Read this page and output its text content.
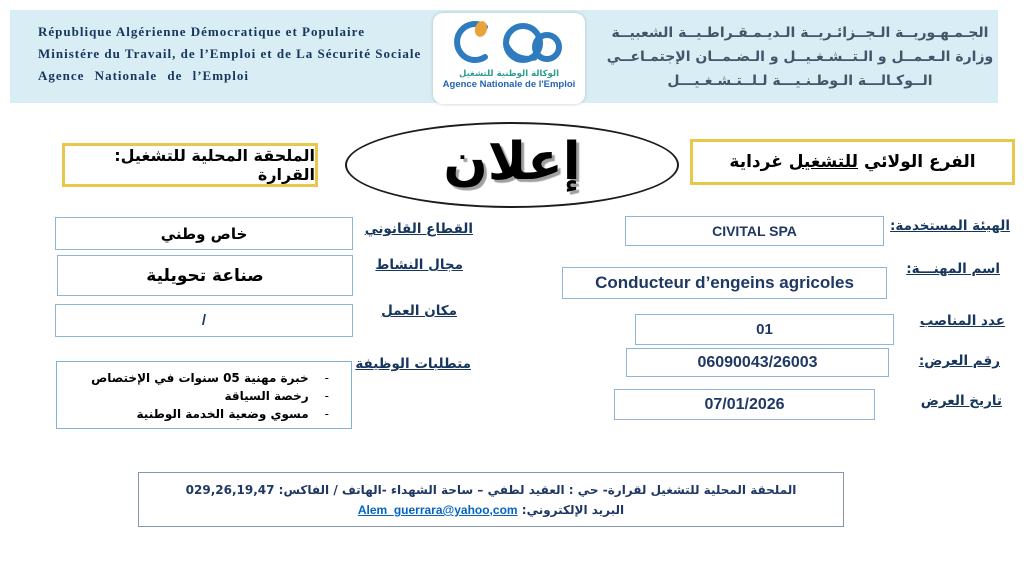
République Algérienne Démocratique et Populaire
Ministére du Travail, de l’Emploi et de La Sécurité Sociale
Agence Nationale de l’Emploi
الجـمـهـوريــة الـجــزائـريــة الـديـمـقـراطـيــة الشعبيــة
وزارة الـعـمــل و الـتــشـغـيــل و الـضـمــان الإجتمـاعــي
الــوكـالـــة الـوطـنـيـــة لـلــتـشـغـيـــل
الوكالة الوطنية للتشغيل
Agence Nationale de l'Emploi
الملحقة المحلية للتشغيل: القرارة إعلان	الفرع الولائي للتشغيل غرداية
الهيئة المستخدمة:
CIVITAL SPA
اسم المهنـــة:
Conducteur d’engeins agricoles
عدد المناصب
01
رقم العرض:
06090043/26003
تاريخ العرض
07/01/2026
القطاع القانوني
خاص وطني
مجال النشاط
صناعة تحويلية
مكان العمل
/
متطلبات الوظيفة
- خبرة مهنية 05 سنوات في الإختصاص
- رخصة السياقة
- مسوي وضعية الخدمة الوطنية
الملحقة المحلية للتشغيل لقرارة- حي : العقيد لطفي – ساحة الشهداء -الهاتف / الفاكس: 029,26,19,47
البريد الإلكتروني: Alem_guerrara@yahoo,com
